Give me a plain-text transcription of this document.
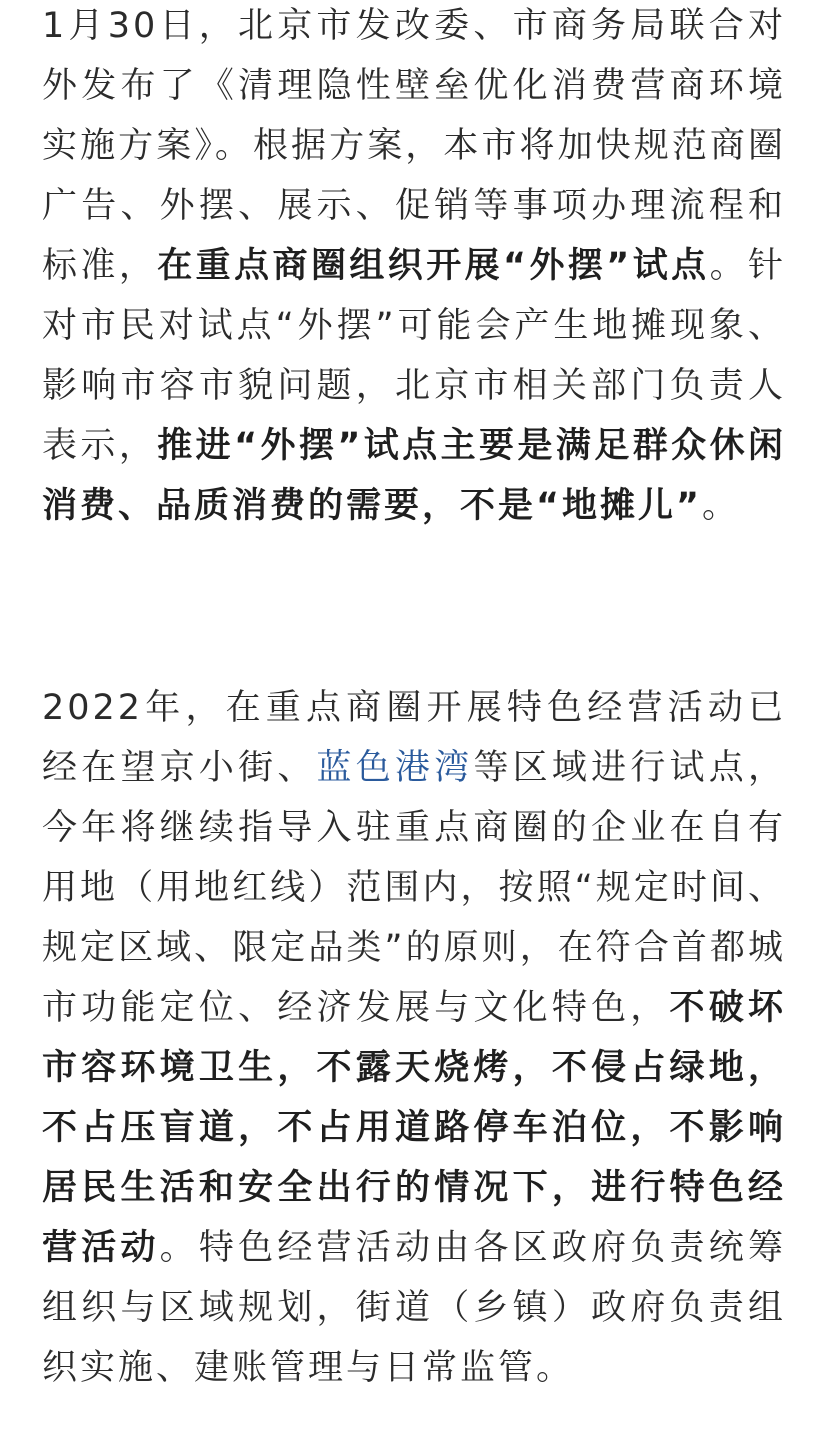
1月30日，北京市发改委、市商务局联合对外发布了《清理隐性壁垒优化消费营商环境实施方案》。根据方案，本市将加快规范商圈广告、外摆、展示、促销等事项办理流程和标准，在重点商圈组织开展“外摆”试点。针对市民对试点“外摆”可能会产生地摊现象、影响市容市貌问题，北京市相关部门负责人表示，推进“外摆”试点主要是满足群众休闲消费、品质消费的需要，不是“地摊儿”。

2022年，在重点商圈开展特色经营活动已经在望京小街、蓝色港湾等区域进行试点，今年将继续指导入驻重点商圈的企业在自有用地（用地红线）范围内，按照“规定时间、规定区域、限定品类”的原则，在符合首都城市功能定位、经济发展与文化特色，不破坏市容环境卫生，不露天烧烤，不侵占绿地，不占压盲道，不占用道路停车泊位，不影响居民生活和安全出行的情况下，进行特色经营活动。特色经营活动由各区政府负责统筹组织与区域规划，街道（乡镇）政府负责组织实施、建账管理与日常监管。
